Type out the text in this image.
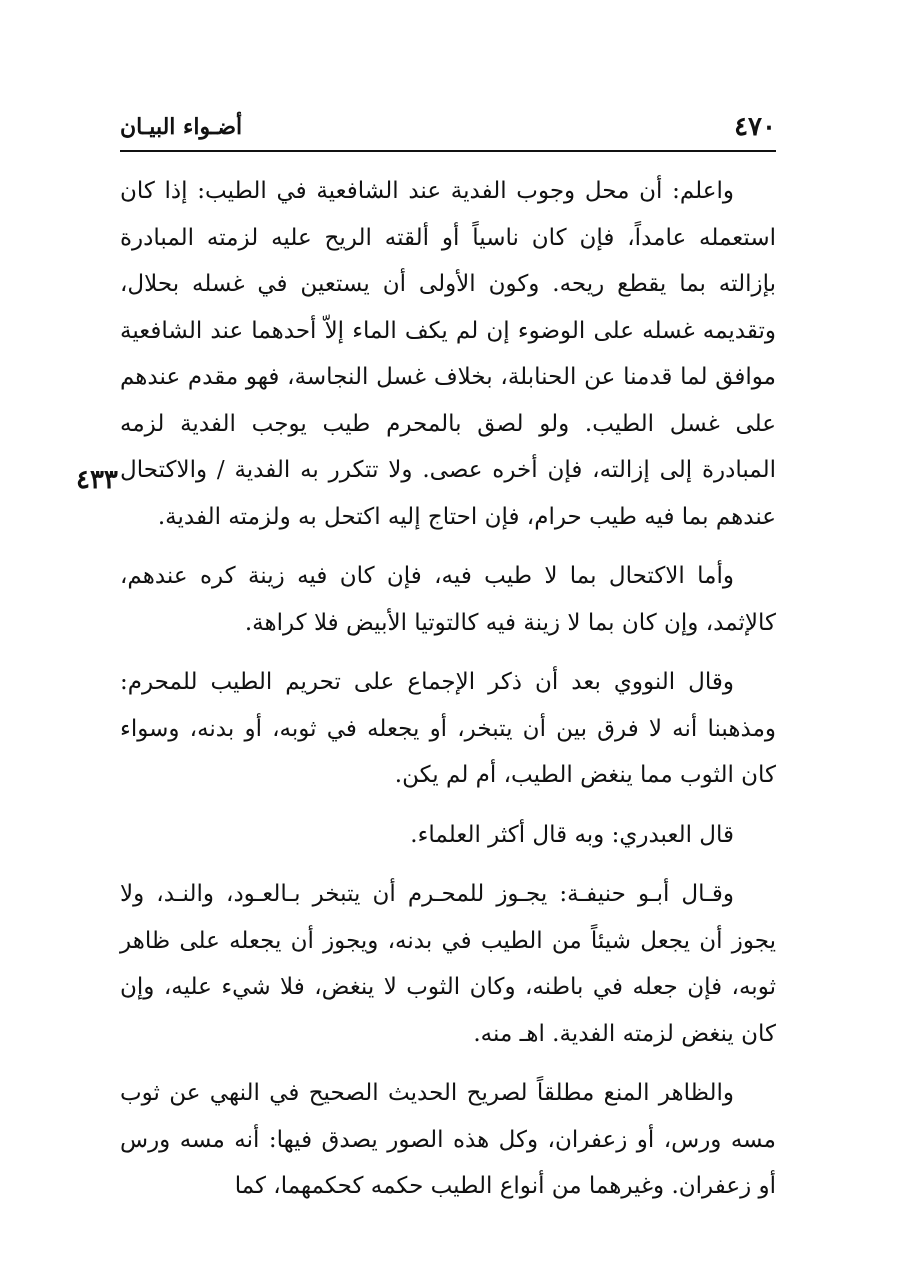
٤٧٠
أضـواء البيـان
٤٣٣

واعلم: أن محل وجوب الفدية عند الشافعية في الطيب: إذا كان استعمله عامداً، فإن كان ناسياً أو ألقته الريح عليه لزمته المبادرة بإزالته بما يقطع ريحه. وكون الأولى أن يستعين في غسله بحلال، وتقديمه غسله على الوضوء إن لم يكف الماء إلاّ أحدهما عند الشافعية موافق لما قدمنا عن الحنابلة، بخلاف غسل النجاسة، فهو مقدم عندهم على غسل الطيب. ولو لصق بالمحرم طيب يوجب الفدية لزمه المبادرة إلى إزالته، فإن أخره عصى. ولا تتكرر به الفدية / والاكتحال عندهم بما فيه طيب حرام، فإن احتاج إليه اكتحل به ولزمته الفدية.

وأما الاكتحال بما لا طيب فيه، فإن كان فيه زينة كره عندهم، كالإثمد، وإن كان بما لا زينة فيه كالتوتيا الأبيض فلا كراهة.

وقال النووي بعد أن ذكر الإجماع على تحريم الطيب للمحرم: ومذهبنا أنه لا فرق بين أن يتبخر، أو يجعله في ثوبه، أو بدنه، وسواء كان الثوب مما ينغض الطيب، أم لم يكن.

قال العبدري: وبه قال أكثر العلماء.

وقـال أبـو حنيفـة: يجـوز للمحـرم أن يتبخر بـالعـود، والنـد، ولا يجوز أن يجعل شيئاً من الطيب في بدنه، ويجوز أن يجعله على ظاهر ثوبه، فإن جعله في باطنه، وكان الثوب لا ينغض، فلا شيء عليه، وإن كان ينغض لزمته الفدية. اهـ منه.

والظاهر المنع مطلقاً لصريح الحديث الصحيح في النهي عن ثوب مسه ورس، أو زعفران، وكل هذه الصور يصدق فيها: أنه مسه ورس أو زعفران. وغيرهما من أنواع الطيب حكمه كحكمهما، كما
